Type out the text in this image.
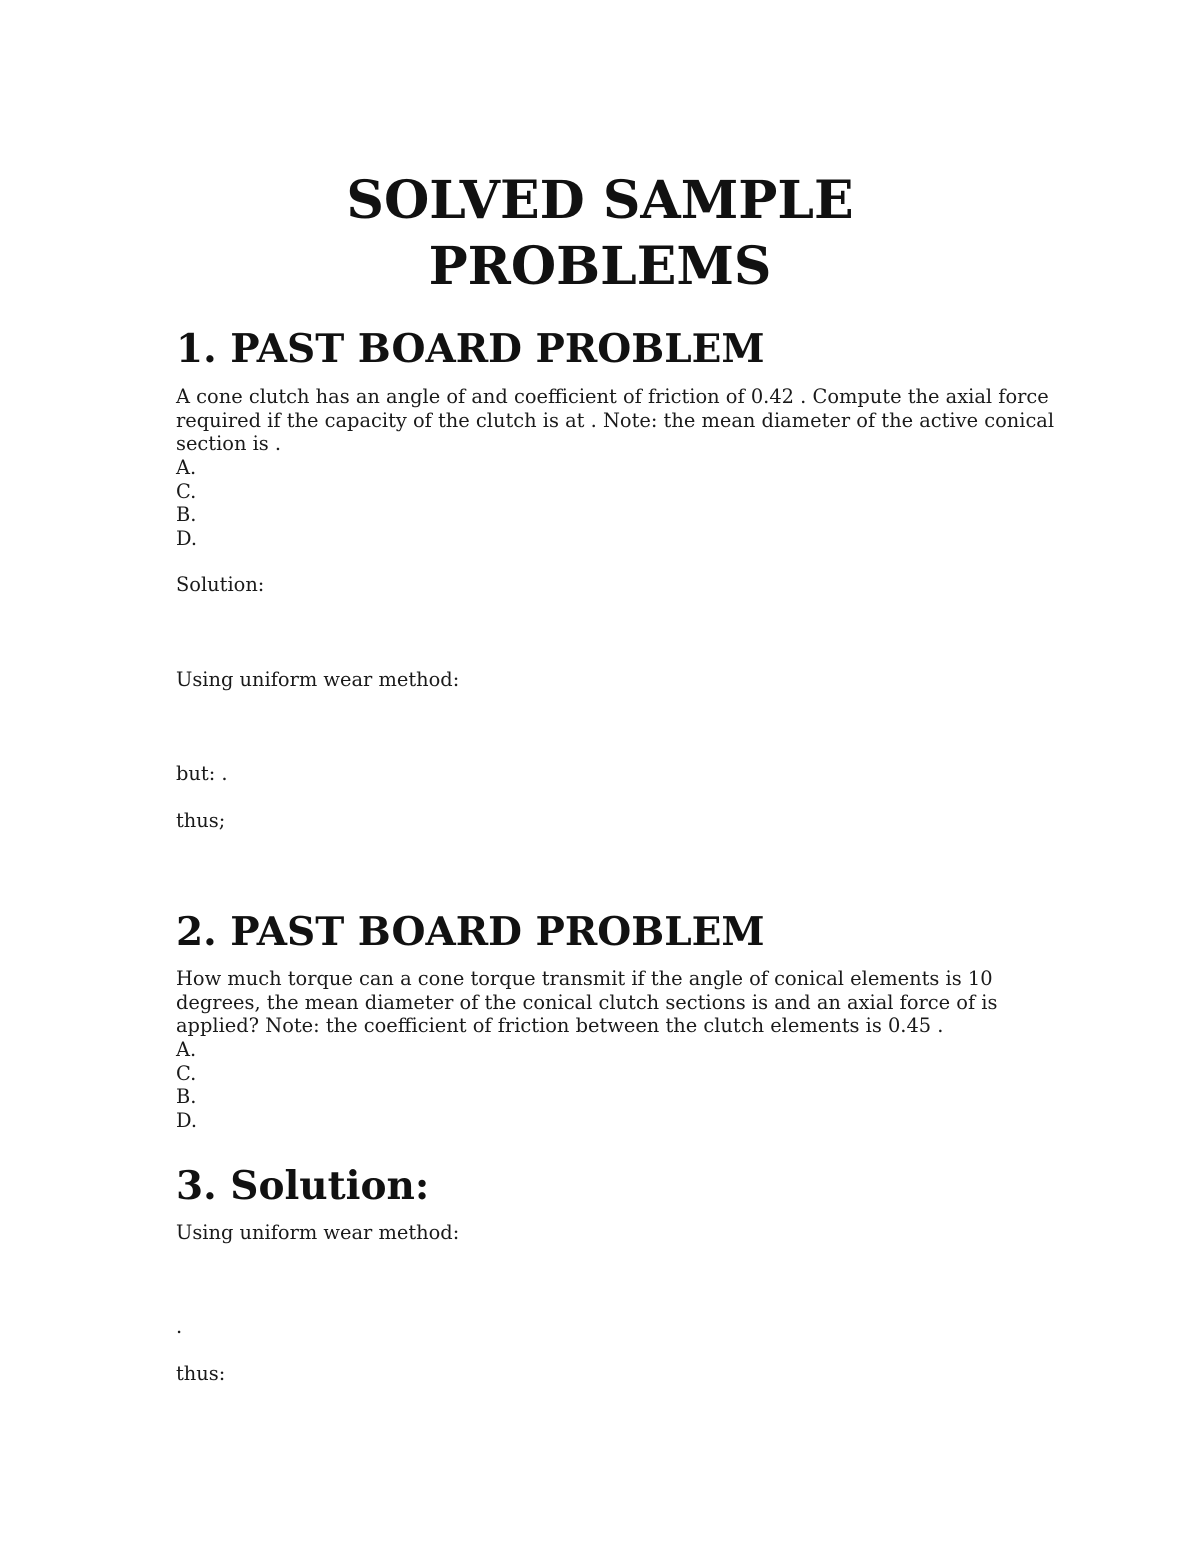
SOLVED SAMPLE
PROBLEMS
1. PAST BOARD PROBLEM

A cone clutch has an angle of and coefficient of friction of 0.42 . Compute the axial force
required if the capacity of the clutch is at . Note: the mean diameter of the active conical
section is .

A.
C.
B.
D.

Solution:

Using uniform wear method:

but: .

thus;

2. PAST BOARD PROBLEM

How much torque can a cone torque transmit if the angle of conical elements is 10
degrees, the mean diameter of the conical clutch sections is and an axial force of is
applied? Note: the coefficient of friction between the clutch elements is 0.45 .

A.
C.
B.
D.
3. Solution:

Using uniform wear method:

.

thus:
